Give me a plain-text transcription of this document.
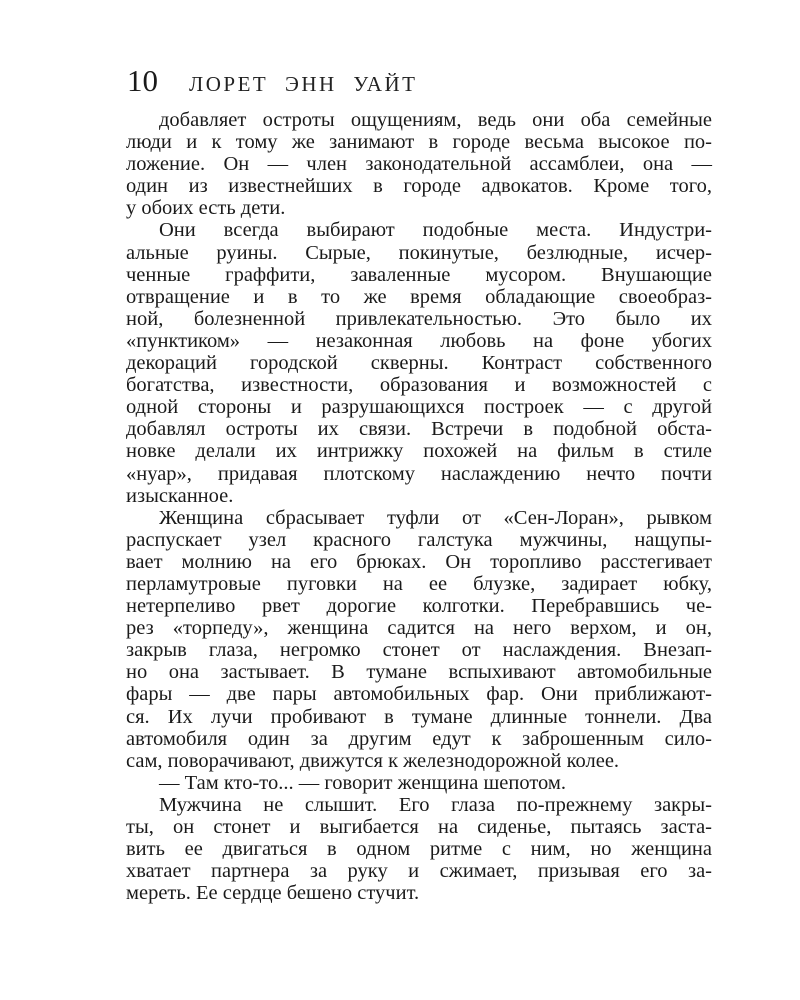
10 ЛОРЕТ ЭНН УАЙТ
добавляет остроты ощущениям, ведь они оба семейные
люди и к тому же занимают в городе весьма высокое по-
ложение. Он — член законодательной ассамблеи, она —
один из известнейших в городе адвокатов. Кроме того,
у обоих есть дети.
Они всегда выбирают подобные места. Индустри-
альные руины. Сырые, покинутые, безлюдные, исчер-
ченные граффити, заваленные мусором. Внушающие
отвращение и в то же время обладающие своеобраз-
ной, болезненной привлекательностью. Это было их
«пунктиком» — незаконная любовь на фоне убогих
декораций городской скверны. Контраст собственного
богатства, известности, образования и возможностей с
одной стороны и разрушающихся построек — с другой
добавлял остроты их связи. Встречи в подобной обста-
новке делали их интрижку похожей на фильм в стиле
«нуар», придавая плотскому наслаждению нечто почти
изысканное.
Женщина сбрасывает туфли от «Сен-Лоран», рывком
распускает узел красного галстука мужчины, нащупы-
вает молнию на его брюках. Он торопливо расстегивает
перламутровые пуговки на ее блузке, задирает юбку,
нетерпеливо рвет дорогие колготки. Перебравшись че-
рез «торпеду», женщина садится на него верхом, и он,
закрыв глаза, негромко стонет от наслаждения. Внезап-
но она застывает. В тумане вспыхивают автомобильные
фары — две пары автомобильных фар. Они приближают-
ся. Их лучи пробивают в тумане длинные тоннели. Два
автомобиля один за другим едут к заброшенным сило-
сам, поворачивают, движутся к железнодорожной колее.
— Там кто-то... — говорит женщина шепотом.
Мужчина не слышит. Его глаза по-прежнему закры-
ты, он стонет и выгибается на сиденье, пытаясь заста-
вить ее двигаться в одном ритме с ним, но женщина
хватает партнера за руку и сжимает, призывая его за-
мереть. Ее сердце бешено стучит.
